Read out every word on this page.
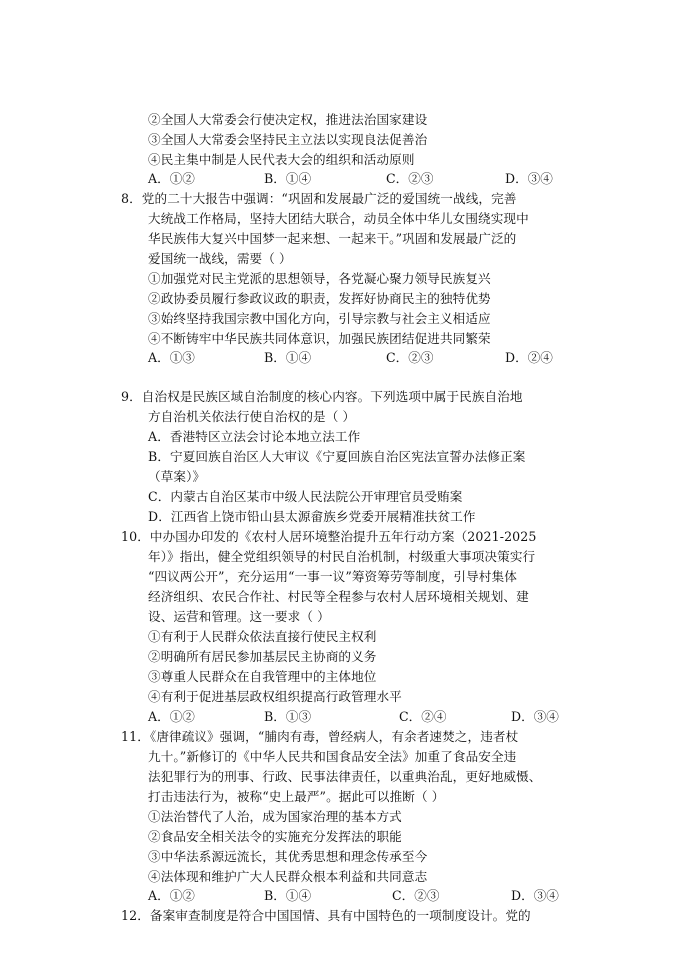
②全国人大常委会行使决定权，推进法治国家建设
③全国人大常委会坚持民主立法以实现良法促善治
④民主集中制是人民代表大会的组织和活动原则
A．①②	B．①④	C．②③	D．③④
8．党的二十大报告中强调：“巩固和发展最广泛的爱国统一战线，完善
大统战工作格局，坚持大团结大联合，动员全体中华儿女围绕实现中
华民族伟大复兴中国梦一起来想、一起来干。”巩固和发展最广泛的
爱国统一战线，需要（ ）
①加强党对民主党派的思想领导，各党凝心聚力领导民族复兴
②政协委员履行参政议政的职责，发挥好协商民主的独特优势
③始终坚持我国宗教中国化方向，引导宗教与社会主义相适应
④不断铸牢中华民族共同体意识，加强民族团结促进共同繁荣
A．①③	B．①④	C．②③	D．②④
9．自治权是民族区域自治制度的核心内容。下列选项中属于民族自治地
方自治机关依法行使自治权的是（ ）
A．香港特区立法会讨论本地立法工作
B．宁夏回族自治区人大审议《宁夏回族自治区宪法宣誓办法修正案
（草案）》
C．内蒙古自治区某市中级人民法院公开审理官员受贿案
D．江西省上饶市铅山县太源畲族乡党委开展精准扶贫工作
10．中办国办印发的《农村人居环境整治提升五年行动方案（2021-2025
年）》指出，健全党组织领导的村民自治机制，村级重大事项决策实行
“四议两公开”，充分运用“一事一议”筹资筹劳等制度，引导村集体
经济组织、农民合作社、村民等全程参与农村人居环境相关规划、建
设、运营和管理。这一要求（ ）
①有利于人民群众依法直接行使民主权利
②明确所有居民参加基层民主协商的义务
③尊重人民群众在自我管理中的主体地位
④有利于促进基层政权组织提高行政管理水平
A．①②	B．①③	C．②④	D．③④
11．《唐律疏议》强调，“脯肉有毒，曾经病人，有余者速焚之，违者杖
九十。”新修订的《中华人民共和国食品安全法》加重了食品安全违
法犯罪行为的刑事、行政、民事法律责任，以重典治乱，更好地威慑、
打击违法行为，被称“史上最严”。据此可以推断（ ）
①法治替代了人治，成为国家治理的基本方式
②食品安全相关法令的实施充分发挥法的职能
③中华法系源远流长，其优秀思想和理念传承至今
④法体现和维护广大人民群众根本利益和共同意志
A．①②	B．①④	C．②③	D．③④
12．备案审查制度是符合中国国情、具有中国特色的一项制度设计。党的
